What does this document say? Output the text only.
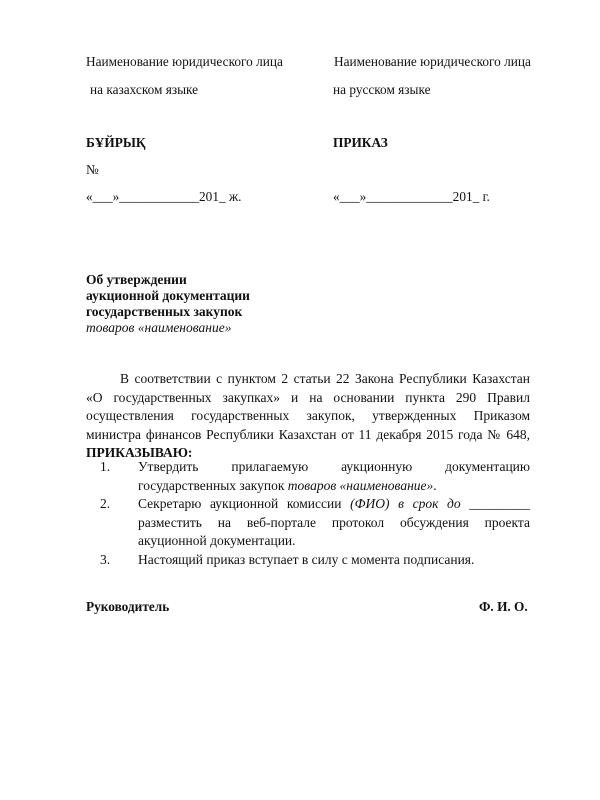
Наименование юридического лица
на казахском языке
БҰЙРЫҚ
№
«___»____________201_ ж.
Наименование юридического лица
на русском языке
ПРИКАЗ
«___»_____________201_ г.
Об утверждении
аукционной документации
государственных закупок
товаров «наименование»
В соответствии с пунктом 2 статьи 22 Закона Республики Казахстан «О государственных закупках» и на основании пункта 290 Правил осуществления государственных закупок, утвержденных Приказом министра финансов Республики Казахстан от 11 декабря 2015 года № 648, ПРИКАЗЫВАЮ:
1.	Утвердить прилагаемую аукционную документацию государственных закупок товаров «наименование».
2.	Секретарю аукционной комиссии (ФИО) в срок до _________ разместить на веб-портале протокол обсуждения проекта акуционной документации.
3.	Настоящий приказ вступает в силу с момента подписания.
Руководитель	Ф. И. О.
